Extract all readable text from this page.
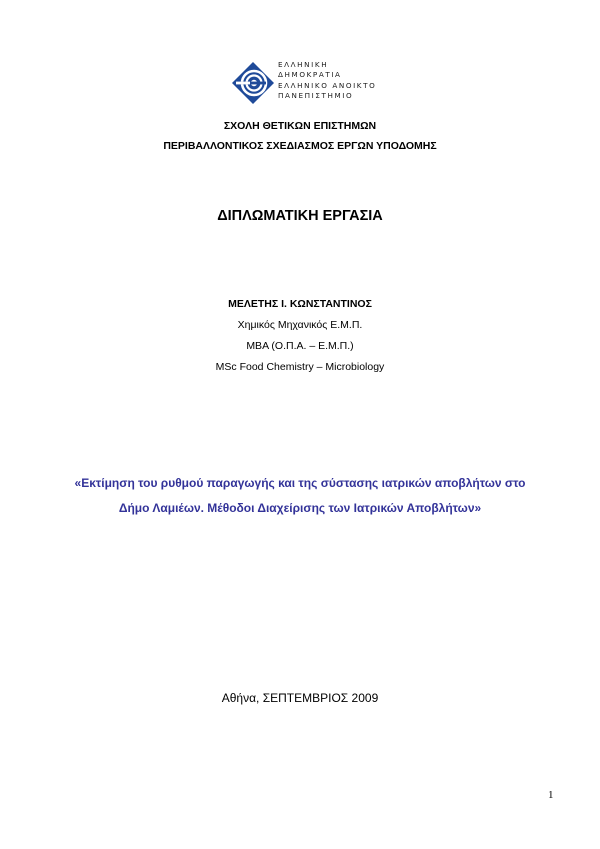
ΕΛΛΗΝΙΚΗ
ΔΗΜΟΚΡΑΤΙΑ
ΕΛΛΗΝΙΚΟ ΑΝΟΙΚΤΟ
ΠΑΝΕΠΙΣΤΗΜΙΟ
ΣΧΟΛΗ ΘΕΤΙΚΩΝ ΕΠΙΣΤΗΜΩΝ
ΠΕΡΙΒΑΛΛΟΝΤΙΚΟΣ ΣΧΕΔΙΑΣΜΟΣ ΕΡΓΩΝ ΥΠΟΔΟΜΗΣ
ΔΙΠΛΩΜΑΤΙΚΗ ΕΡΓΑΣΙΑ
ΜΕΛΕΤΗΣ Ι. ΚΩΝΣΤΑΝΤΙΝΟΣ
Χημικός Μηχανικός Ε.Μ.Π.
MBA (Ο.Π.Α. – Ε.Μ.Π.)
MSc Food Chemistry – Microbiology
«Εκτίμηση του ρυθμού παραγωγής και της σύστασης ιατρικών αποβλήτων στο Δήμο Λαμιέων. Μέθοδοι Διαχείρισης των Ιατρικών Αποβλήτων»
Αθήνα, ΣΕΠΤΕΜΒΡΙΟΣ 2009
1
